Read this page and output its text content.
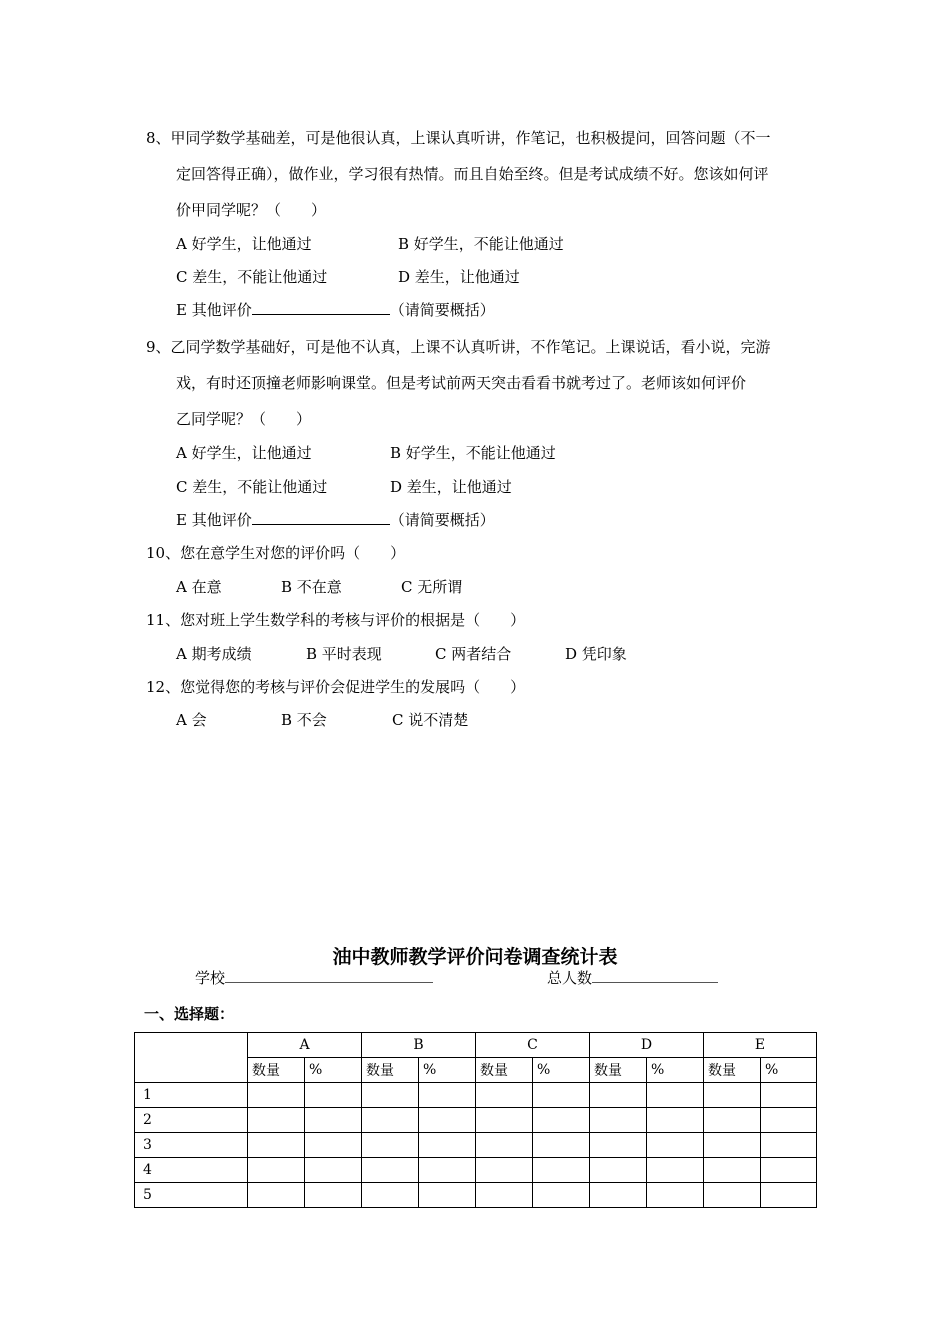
8、甲同学数学基础差，可是他很认真，上课认真听讲，作笔记，也积极提问，回答问题（不一
定回答得正确），做作业，学习很有热情。而且自始至终。但是考试成绩不好。您该如何评
价甲同学呢？（　　）
A 好学生，让他通过	B 好学生，不能让他通过
C 差生，不能让他通过	D 差生，让他通过
E 其他评价	（请简要概括）
9、乙同学数学基础好，可是他不认真，上课不认真听讲，不作笔记。上课说话，看小说，完游
戏，有时还顶撞老师影响课堂。但是考试前两天突击看看书就考过了。老师该如何评价
乙同学呢？（　　）
A 好学生，让他通过	B 好学生，不能让他通过
C 差生，不能让他通过	D 差生，让他通过
E 其他评价	（请简要概括）
10、您在意学生对您的评价吗（　　）
A 在意	B 不在意	C 无所谓
11、您对班上学生数学科的考核与评价的根据是（　　）
A 期考成绩	B 平时表现	C 两者结合	D 凭印象
12、您觉得您的考核与评价会促进学生的发展吗（　　）
A 会	B 不会	C 说不清楚
油中教师教学评价问卷调查统计表
学校	总人数
一、选择题：
	A		B		C		D		E	
	数量	%	数量	%	数量	%	数量	%	数量	%
1										
2										
3										
4										
5										
